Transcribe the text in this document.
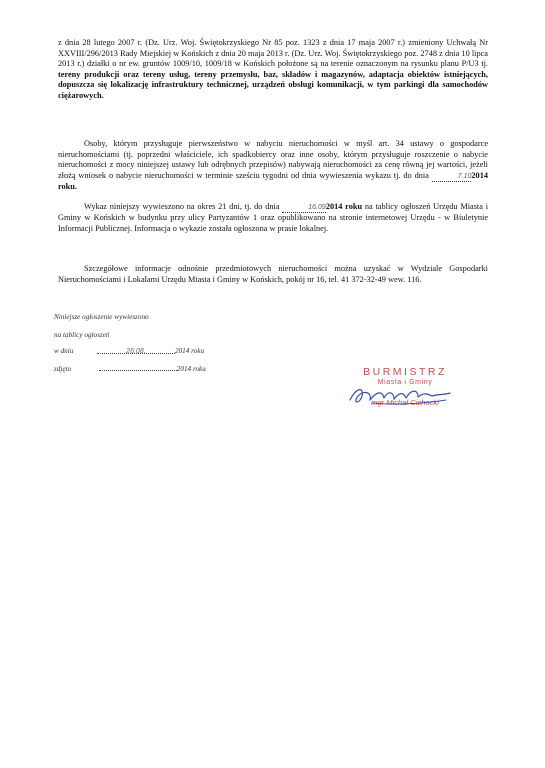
z dnia 28 lutego 2007 r. (Dz. Urz. Woj. Świętokrzyskiego Nr 85 poz. 1323 z dnia 17 maja 2007 r.) zmieniony Uchwałą Nr XXVIII/296/2013 Rady Miejskiej w Końskich z dnia 20 maja 2013 r. (Dz. Urz. Woj. Świętokrzyskiego poz. 2748 z dnia 10 lipca 2013 r.) działki o nr ew. gruntów 1009/10, 1009/18 w Końskich położone są na terenie oznaczonym na rysunku planu P/U3 tj. tereny produkcji oraz tereny usług, tereny przemysłu, baz, składów i magazynów, adaptacja obiektów istniejących, dopuszcza się lokalizację infrastruktury technicznej, urządzeń obsługi komunikacji, w tym parkingi dla samochodów ciężarowych.

Osoby, którym przysługuje pierwszeństwo w nabyciu nieruchomości w myśl art. 34 ustawy o gospodarce nieruchomościami (tj. poprzedni właściciele, ich spadkobiercy oraz inne osoby, którym przysługuje roszczenie o nabycie nieruchomości z mocy niniejszej ustawy lub odrębnych przepisów) nabywają nieruchomości za cenę równą jej wartości, jeżeli złożą wniosek o nabycie nieruchomości w terminie sześciu tygodni od dnia wywieszenia wykazu tj. do dnia	7.102014 roku.

Wykaz niniejszy wywieszono na okres 21 dni, tj. do dnia	16.092014 roku na tablicy ogłoszeń Urzędu Miasta i Gminy w Końskich w budynku przy ulicy Partyzantów 1 oraz opublikowano na stronie internetowej Urzędu - w Biuletynie Informacji Publicznej. Informacja o wykazie została ogłoszona w prasie lokalnej.

Szczegółowe informacje odnośnie przedmiotowych nieruchomości można uzyskać w Wydziale Gospodarki Nieruchomościami i Lokalami Urzędu Miasta i Gminy w Końskich, pokój nr 16, tel. 41 372-32-49 wew. 116.

Niniejsze ogłoszenie wywieszono
na tablicy ogłoszeń
w dniu	26.08.	2014 roku
zdjęto	2014 roku	BURMISTRZ
Miasta i Gminy
mgr Michał Cichocki
